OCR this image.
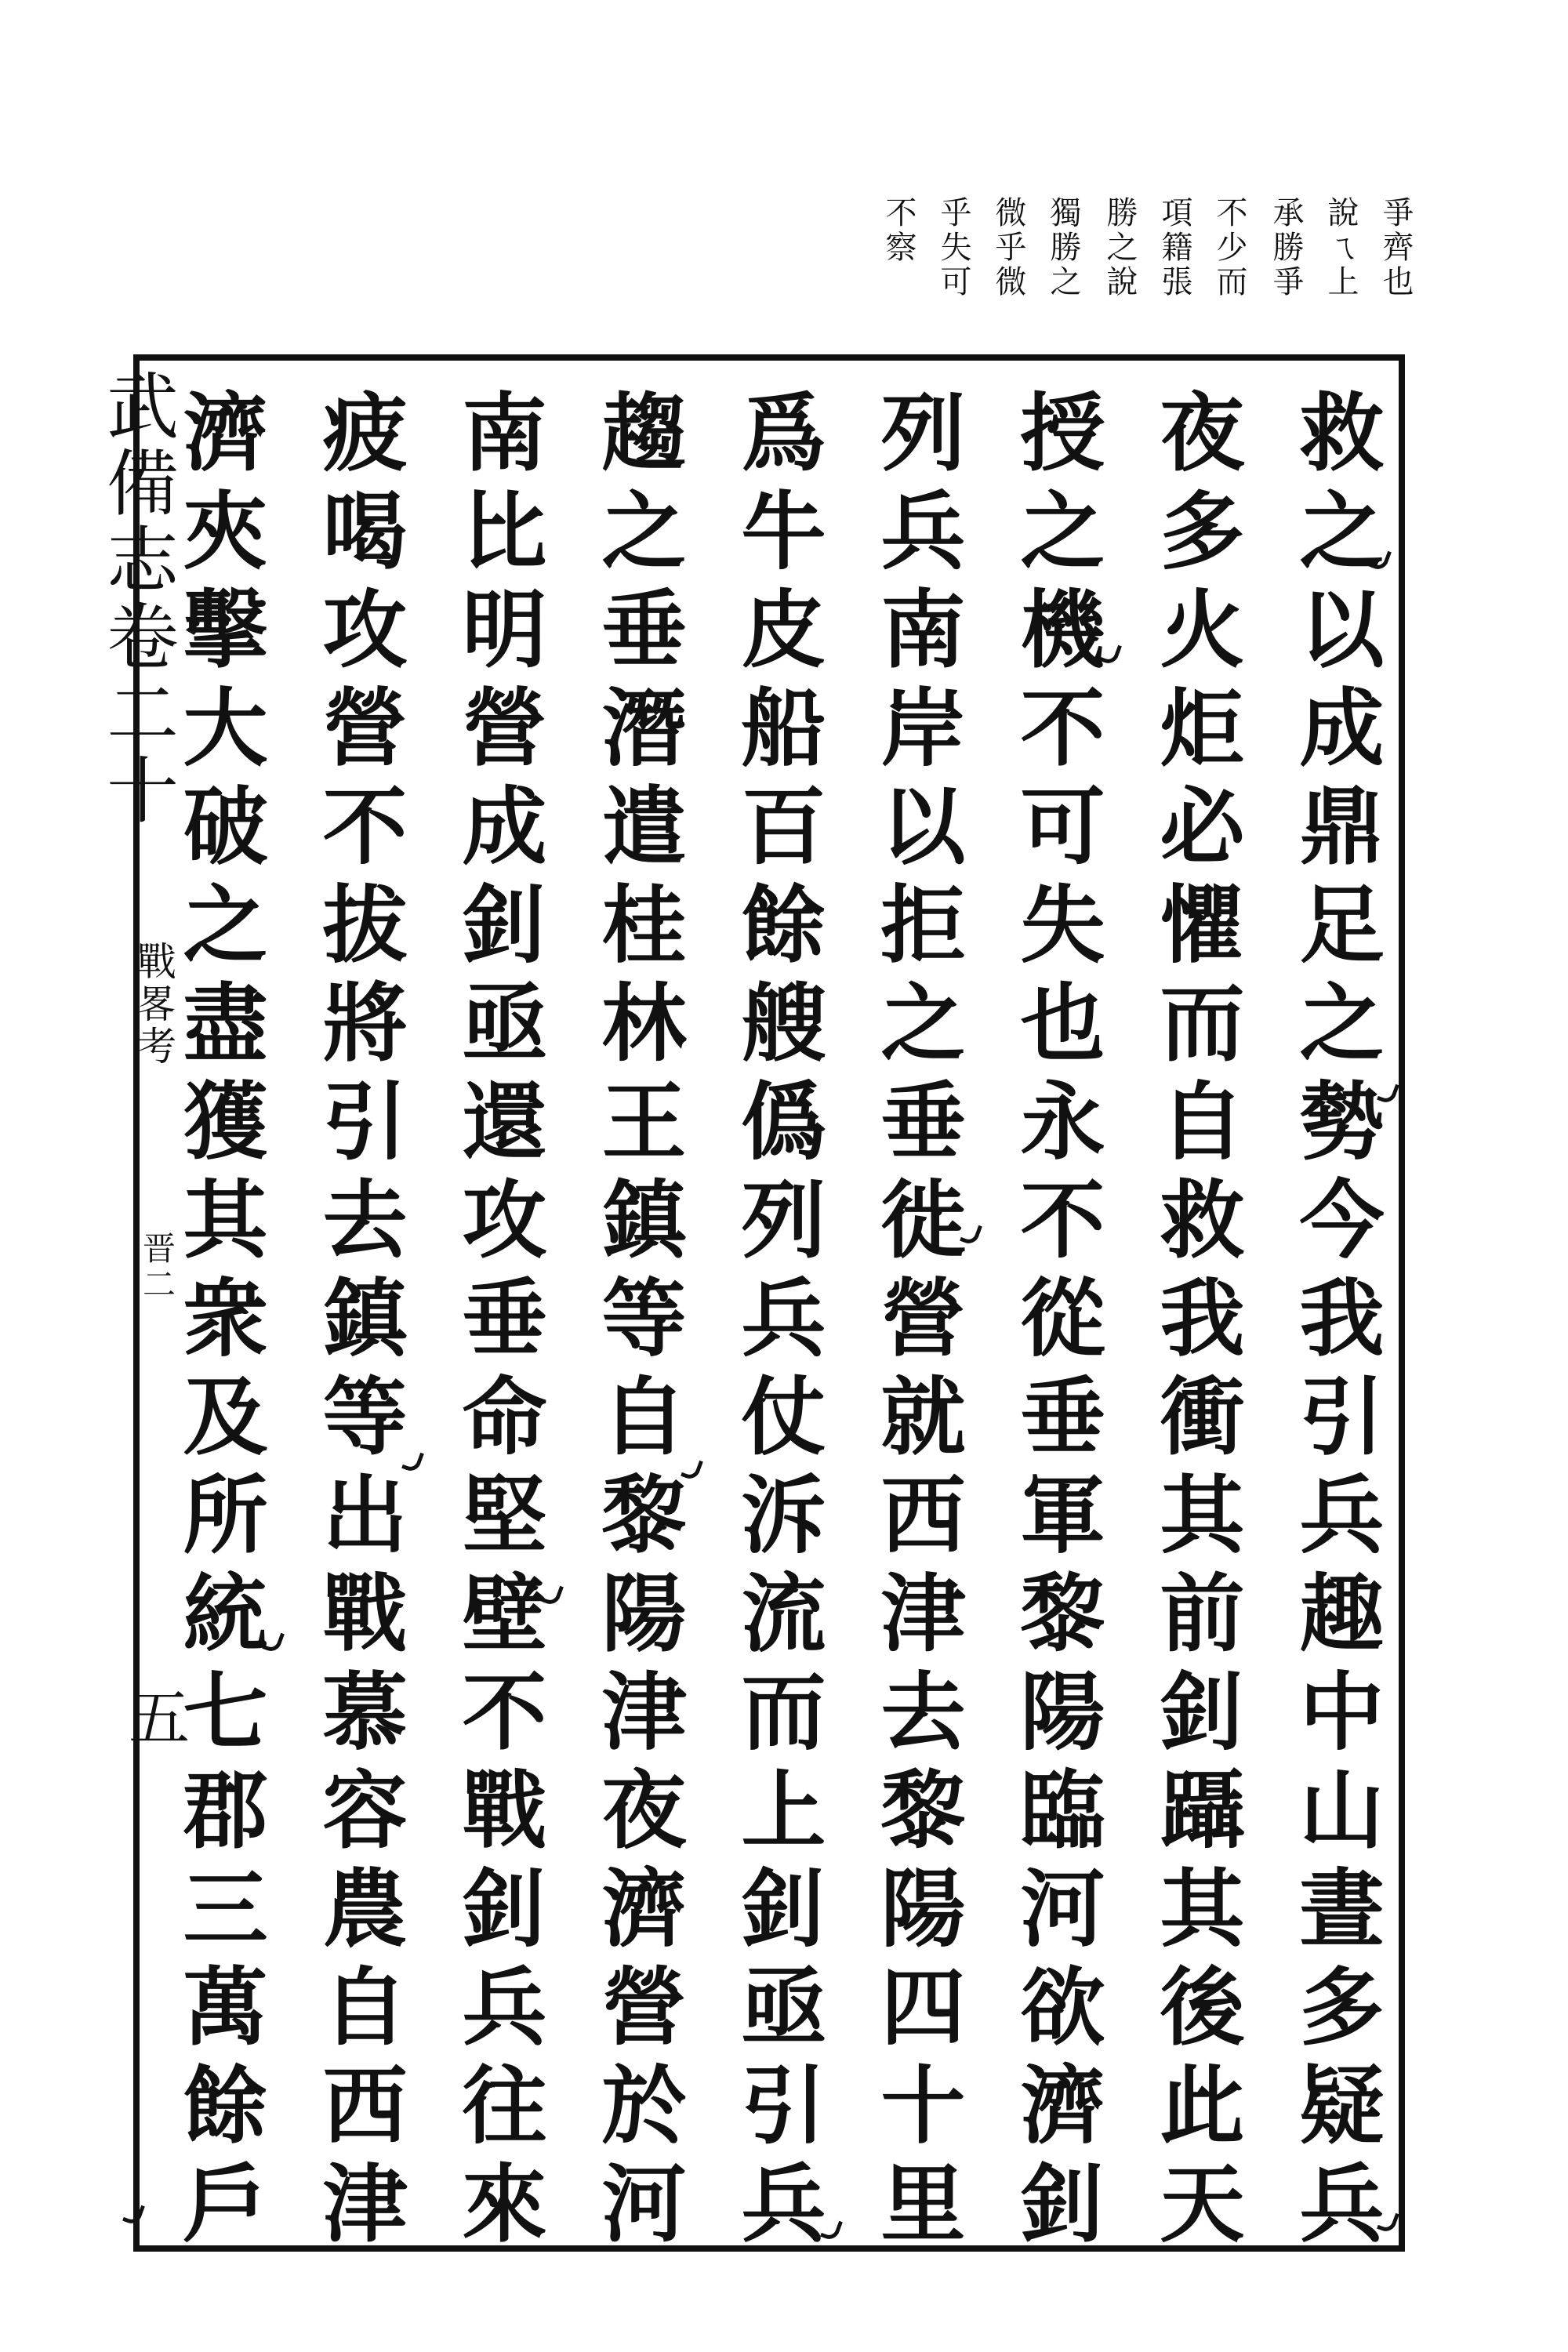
爭齊也
說ㄟ上
承勝爭
不少而
項籍張
勝之說
獨勝之
微乎微
乎失可
不察
救之以成鼎足之勢今我引兵趣中山晝多疑兵
夜多火炬必懼而自救我衝其前釗躡其後此天
授之機不可失也永不從垂軍黎陽臨河欲濟釗
列兵南岸以拒之垂徙營就西津去黎陽四十里
爲牛皮船百餘艘僞列兵仗泝流而上釗亟引兵
趨之垂潛遣桂林王鎮等自黎陽津夜濟營於河
南比明營成釗亟還攻垂命堅壁不戰釗兵往來
疲喝攻營不拔將引去鎮等出戰慕容農自西津
濟夾擊大破之盡獲其衆及所統七郡三萬餘戶
武備志卷二十
戰畧考
晋二
五
